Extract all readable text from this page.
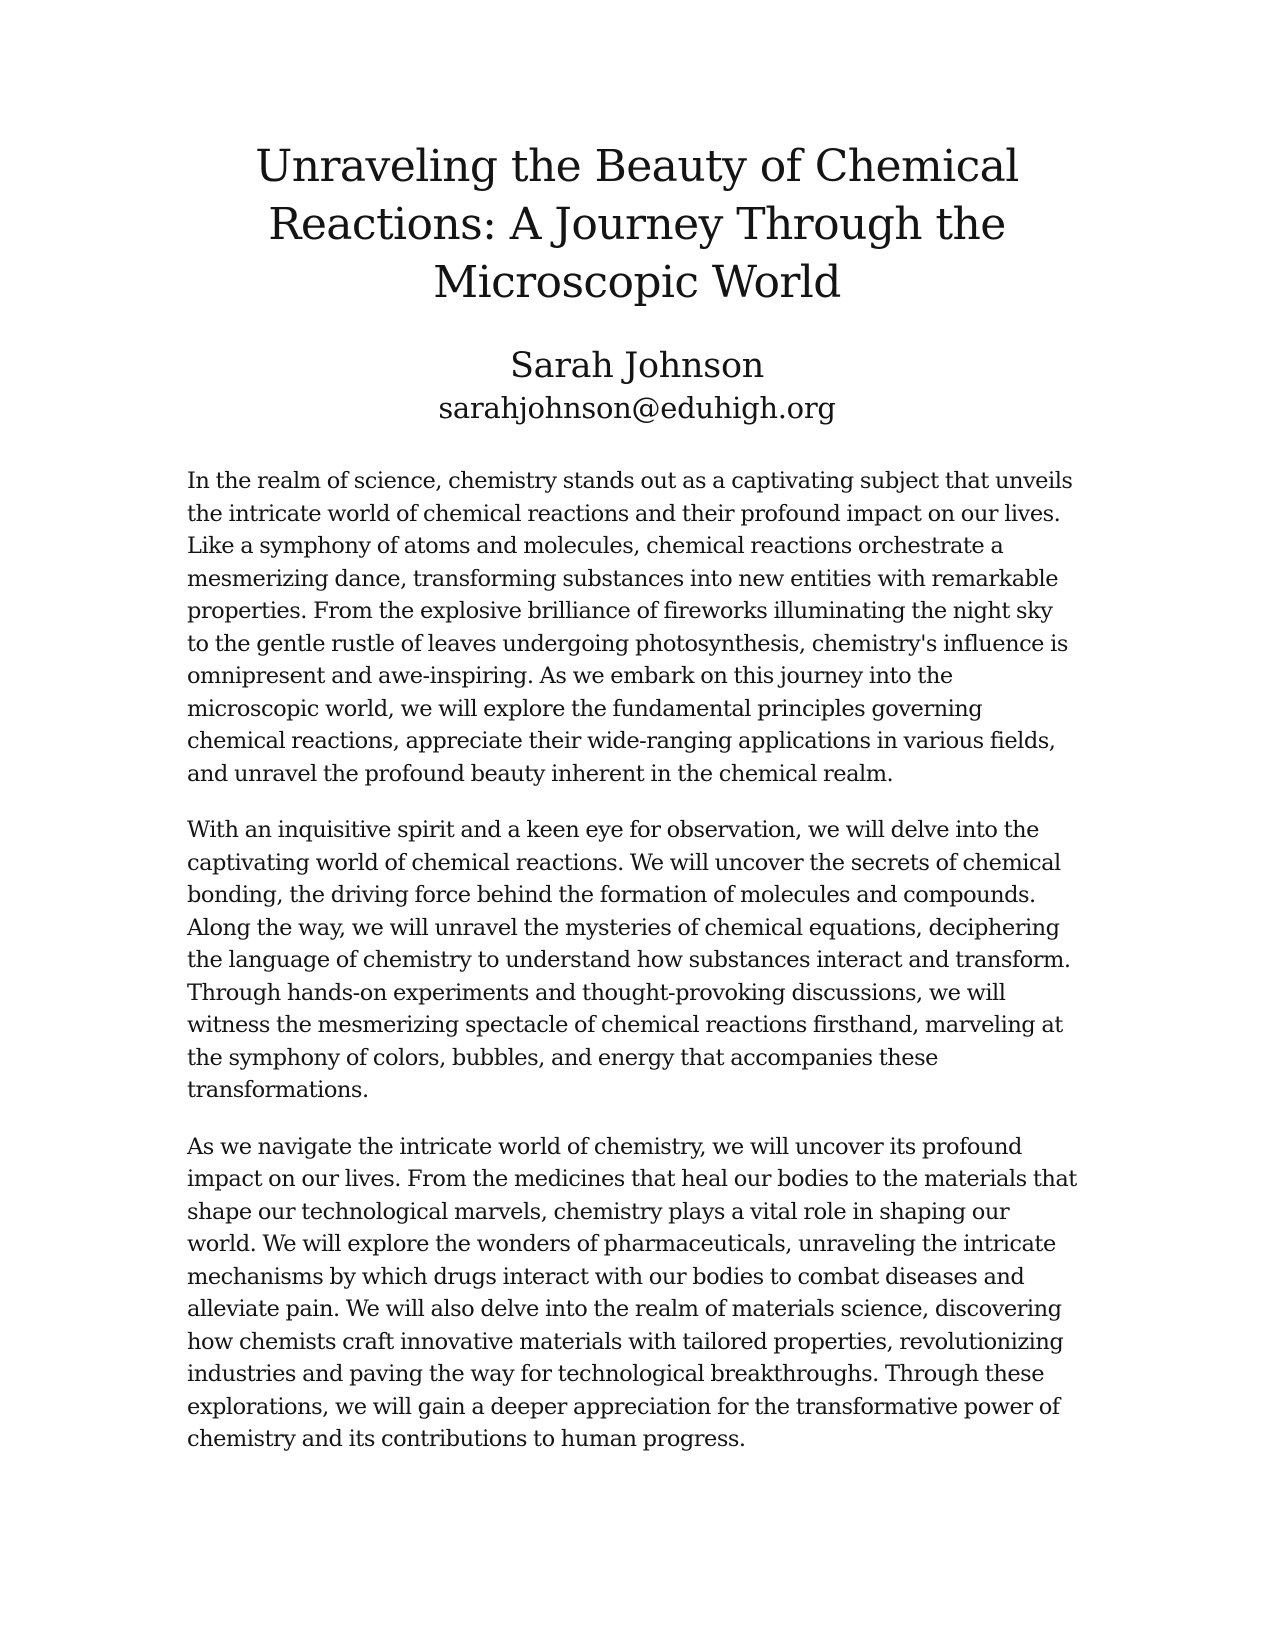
Unraveling the Beauty of Chemical
Reactions: A Journey Through the
Microscopic World
Sarah Johnson
sarahjohnson@eduhigh.org

In the realm of science, chemistry stands out as a captivating subject that unveils
the intricate world of chemical reactions and their profound impact on our lives.
Like a symphony of atoms and molecules, chemical reactions orchestrate a
mesmerizing dance, transforming substances into new entities with remarkable
properties. From the explosive brilliance of fireworks illuminating the night sky
to the gentle rustle of leaves undergoing photosynthesis, chemistry's influence is
omnipresent and awe-inspiring. As we embark on this journey into the
microscopic world, we will explore the fundamental principles governing
chemical reactions, appreciate their wide-ranging applications in various fields,
and unravel the profound beauty inherent in the chemical realm.

With an inquisitive spirit and a keen eye for observation, we will delve into the
captivating world of chemical reactions. We will uncover the secrets of chemical
bonding, the driving force behind the formation of molecules and compounds.
Along the way, we will unravel the mysteries of chemical equations, deciphering
the language of chemistry to understand how substances interact and transform.
Through hands-on experiments and thought-provoking discussions, we will
witness the mesmerizing spectacle of chemical reactions firsthand, marveling at
the symphony of colors, bubbles, and energy that accompanies these
transformations.

As we navigate the intricate world of chemistry, we will uncover its profound
impact on our lives. From the medicines that heal our bodies to the materials that
shape our technological marvels, chemistry plays a vital role in shaping our
world. We will explore the wonders of pharmaceuticals, unraveling the intricate
mechanisms by which drugs interact with our bodies to combat diseases and
alleviate pain. We will also delve into the realm of materials science, discovering
how chemists craft innovative materials with tailored properties, revolutionizing
industries and paving the way for technological breakthroughs. Through these
explorations, we will gain a deeper appreciation for the transformative power of
chemistry and its contributions to human progress.
